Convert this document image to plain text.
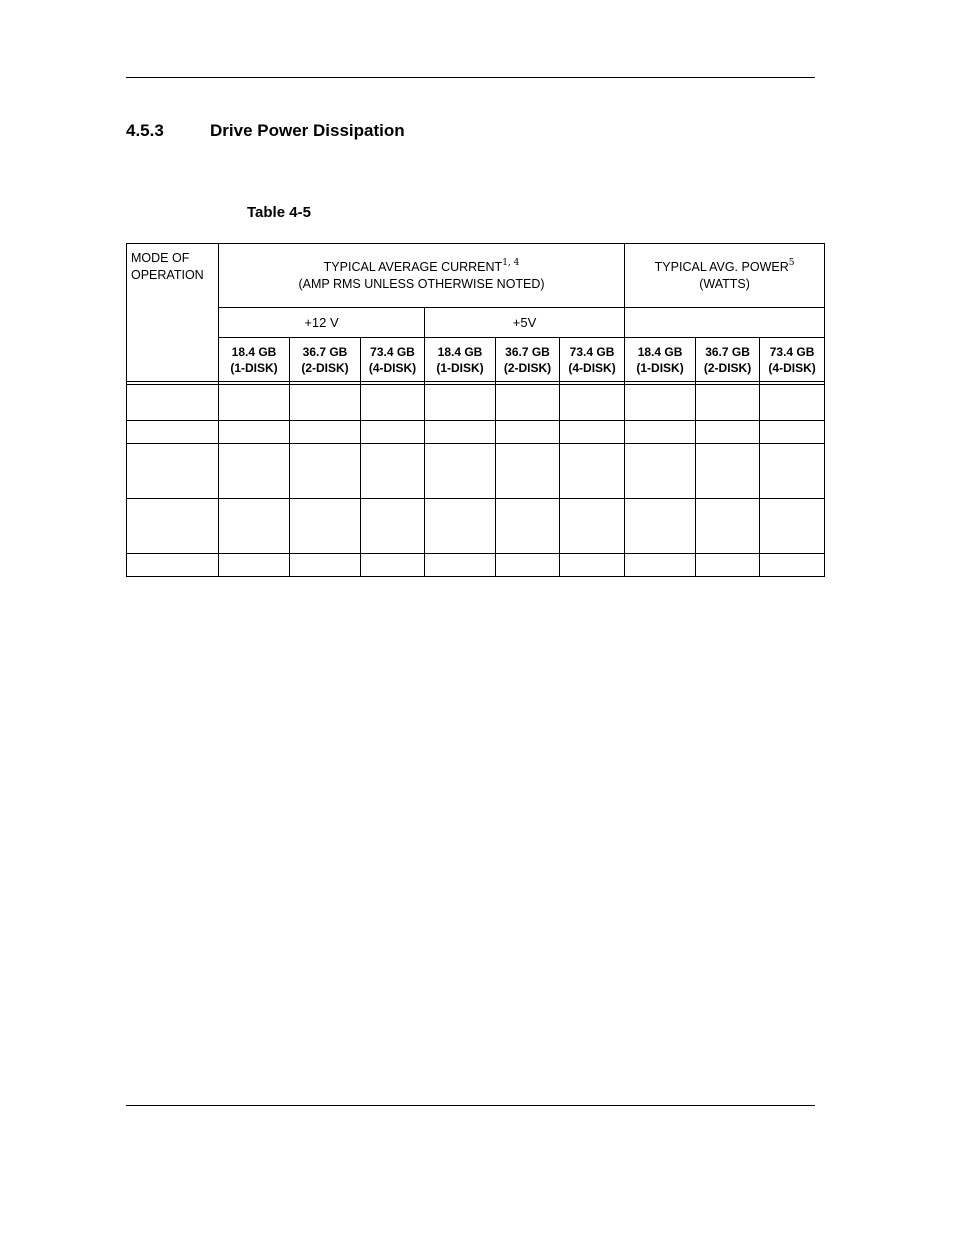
4.5.3	Drive Power Dissipation
Table 4-5
MODE OF
OPERATION	TYPICAL AVERAGE CURRENT$^{1, 4}$
(AMP RMS UNLESS OTHERWISE NOTED)						TYPICAL AVG. POWER$^5$
(WATTS)		

	+12 V			+5V					

	18.4 GB
(1-DISK)	36.7 GB
(2-DISK)	73.4 GB
(4-DISK)	18.4 GB
(1-DISK)	36.7 GB
(2-DISK)	73.4 GB
(4-DISK)	18.4 GB
(1-DISK)	36.7 GB
(2-DISK)	73.4 GB
(4-DISK)
